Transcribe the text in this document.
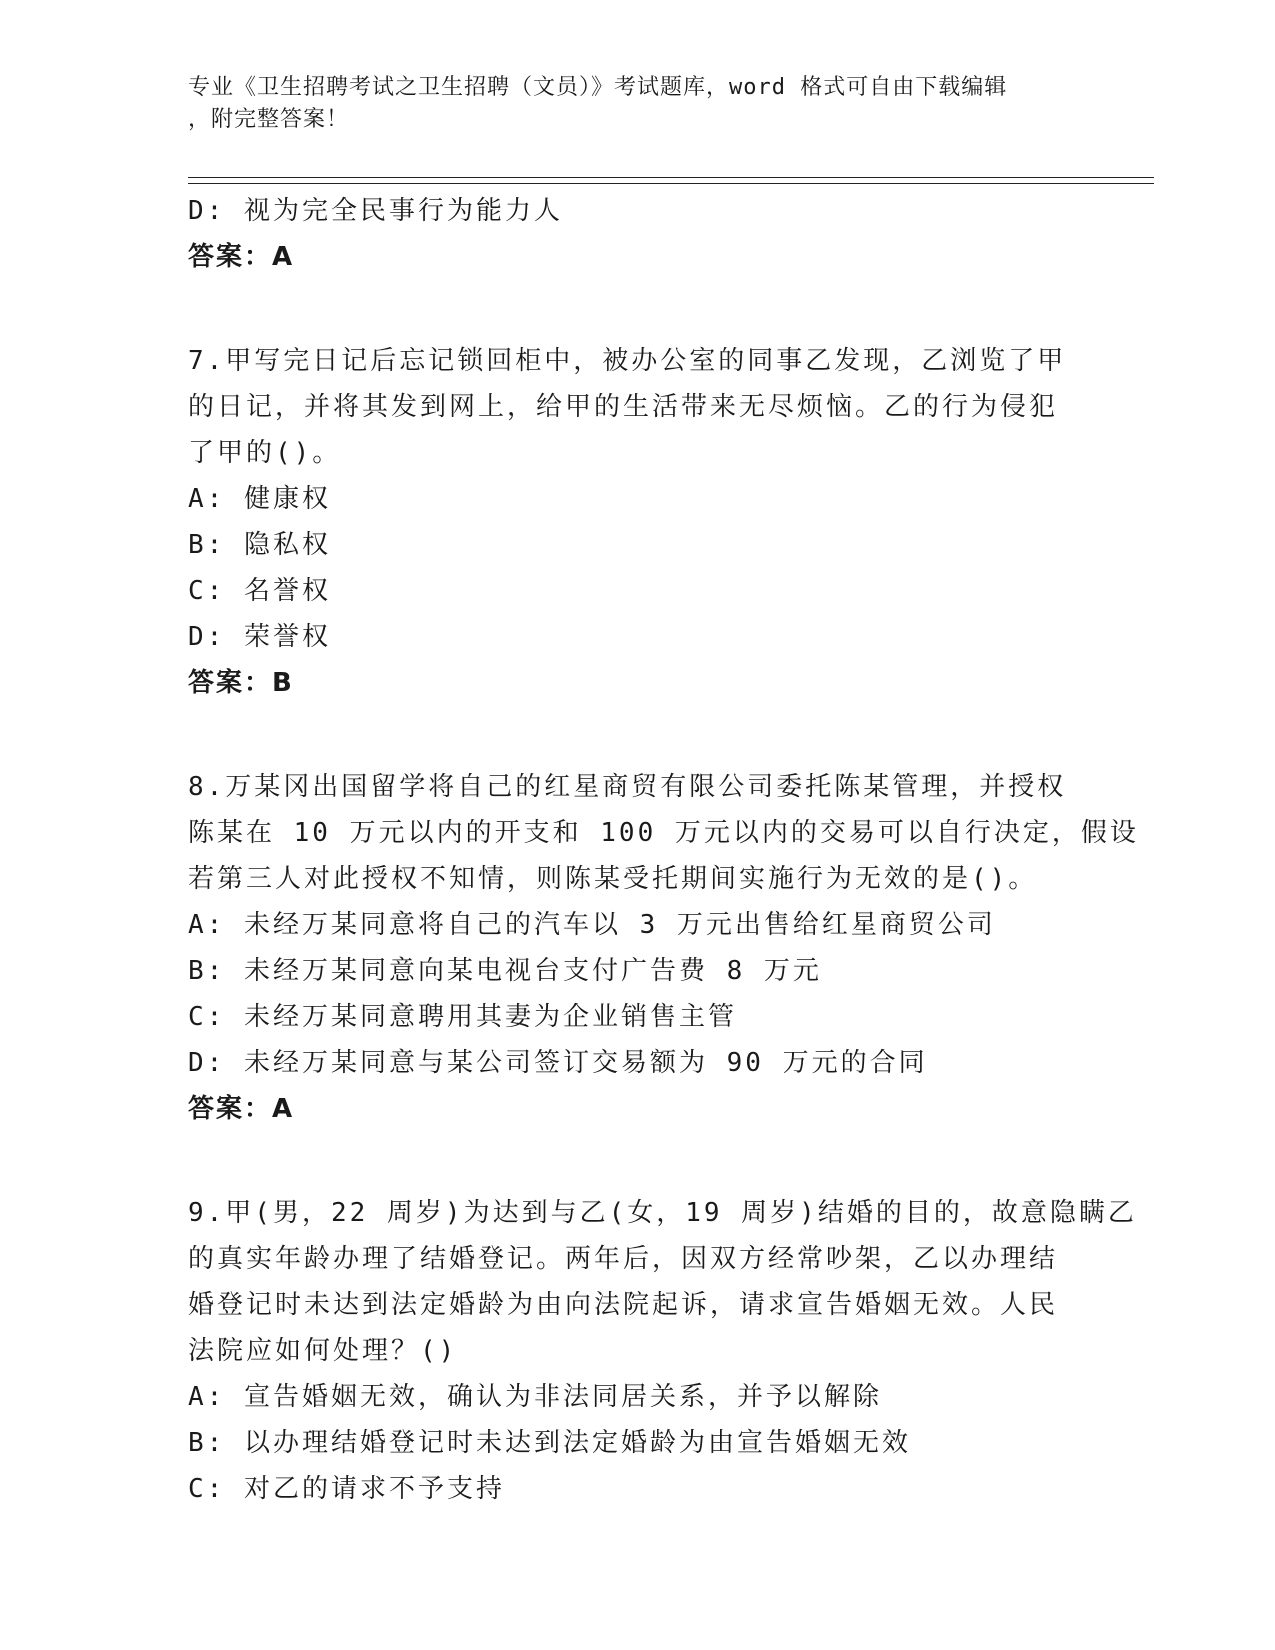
专业《卫生招聘考试之卫生招聘（文员）》考试题库，word 格式可自由下载编辑
，附完整答案！
D: 视为完全民事行为能力人
答案：A
7.甲写完日记后忘记锁回柜中，被办公室的同事乙发现，乙浏览了甲
的日记，并将其发到网上，给甲的生活带来无尽烦恼。乙的行为侵犯
了甲的()。
A: 健康权
B: 隐私权
C: 名誉权
D: 荣誉权
答案：B
8.万某冈出国留学将自己的红星商贸有限公司委托陈某管理，并授权
陈某在 10 万元以内的开支和 100 万元以内的交易可以自行决定，假设
若第三人对此授权不知情，则陈某受托期间实施行为无效的是()。
A: 未经万某同意将自己的汽车以 3 万元出售给红星商贸公司
B: 未经万某同意向某电视台支付广告费 8 万元
C: 未经万某同意聘用其妻为企业销售主管
D: 未经万某同意与某公司签订交易额为 90 万元的合同
答案：A
9.甲(男，22 周岁)为达到与乙(女，19 周岁)结婚的目的，故意隐瞒乙
的真实年龄办理了结婚登记。两年后，因双方经常吵架，乙以办理结
婚登记时未达到法定婚龄为由向法院起诉，请求宣告婚姻无效。人民
法院应如何处理？()
A: 宣告婚姻无效，确认为非法同居关系，并予以解除
B: 以办理结婚登记时未达到法定婚龄为由宣告婚姻无效
C: 对乙的请求不予支持
